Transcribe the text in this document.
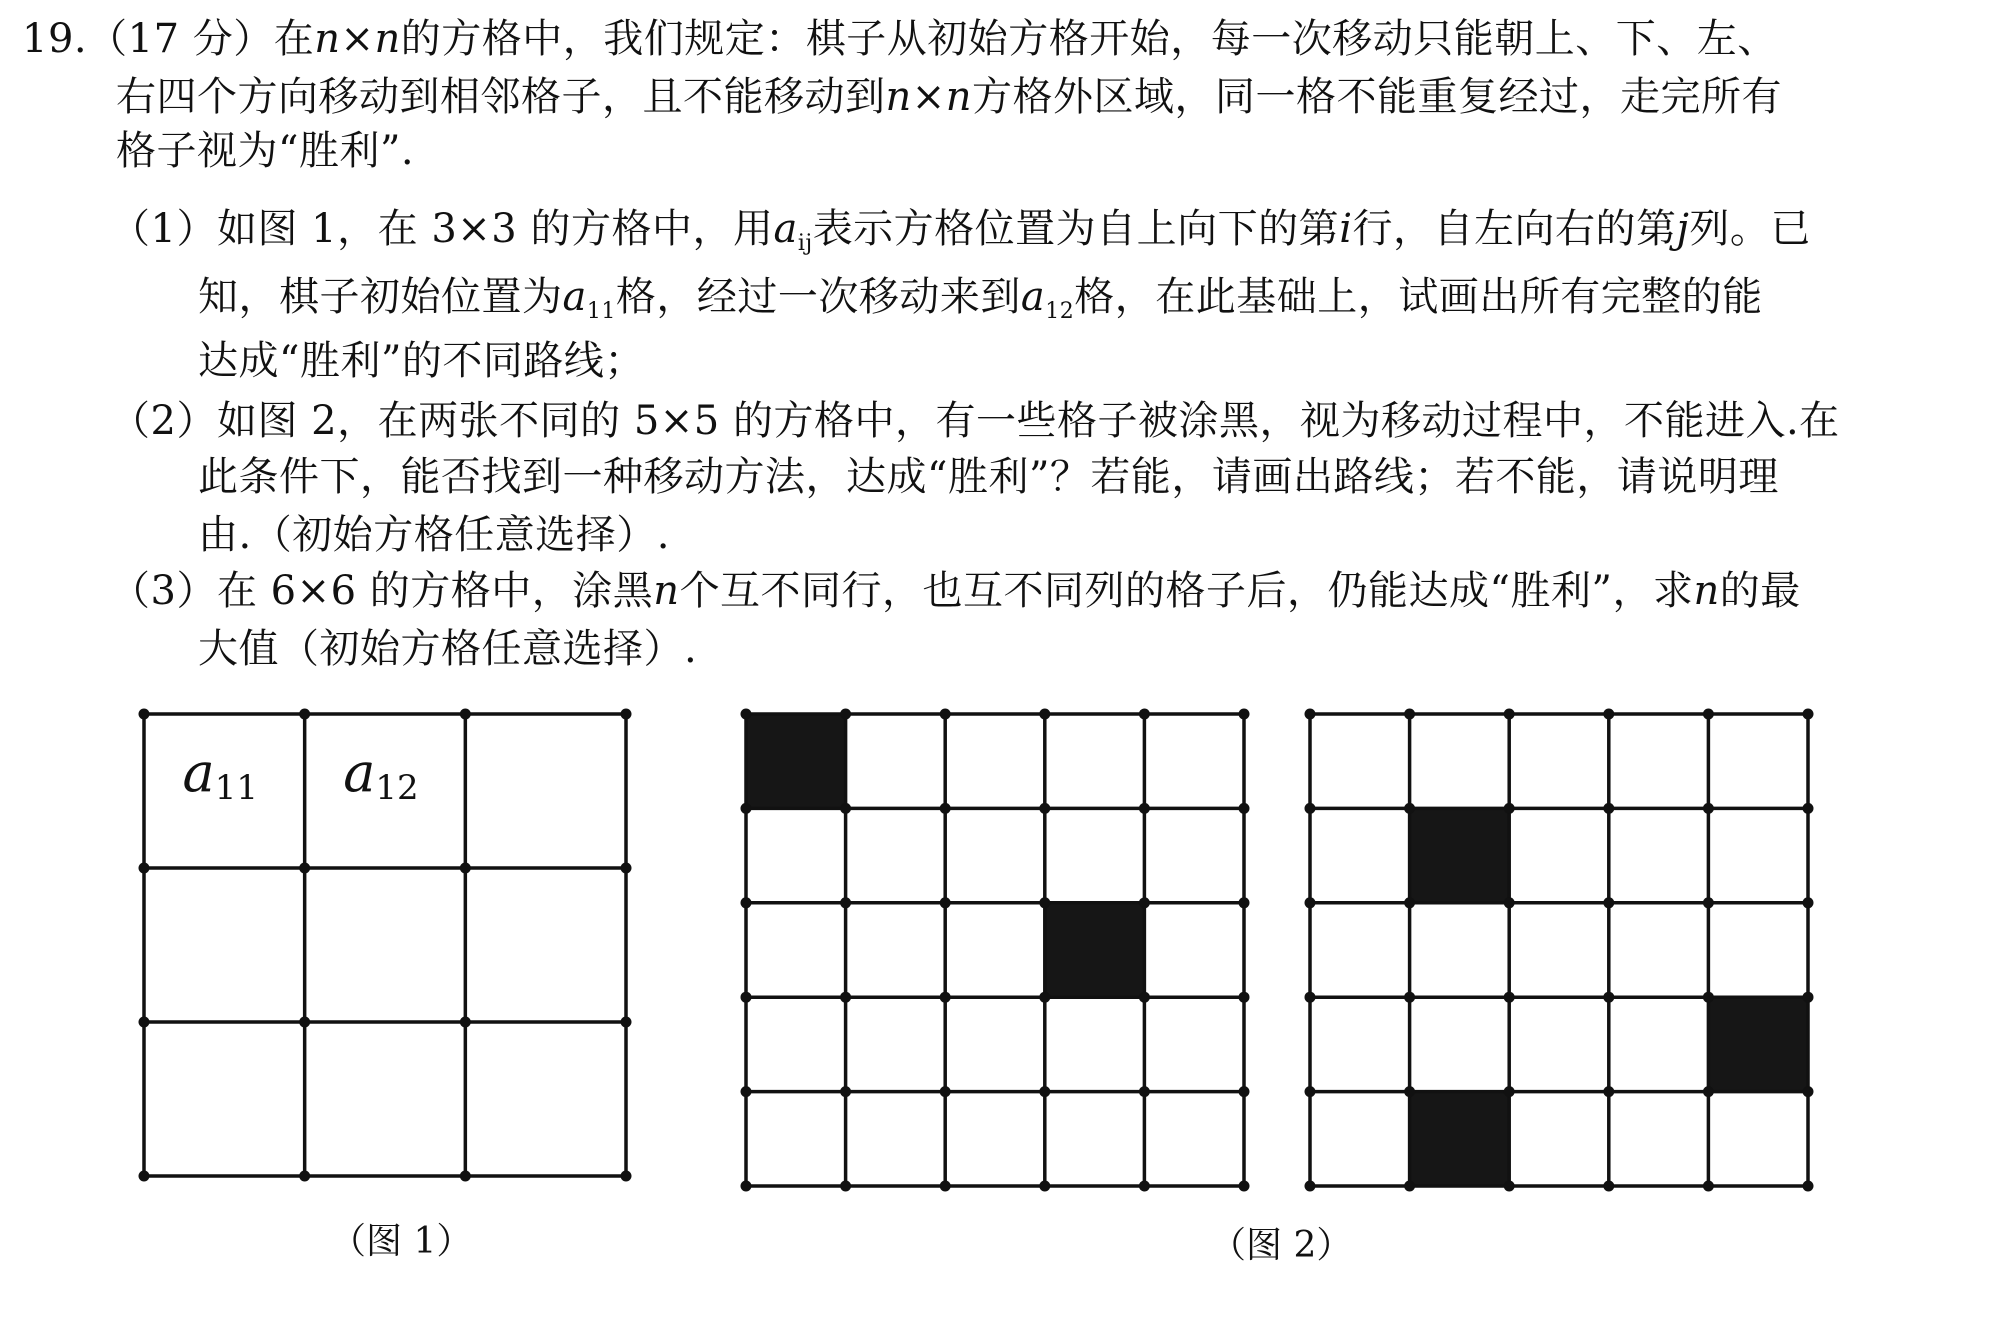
19.（17 分）在n×n的方格中，我们规定：棋子从初始方格开始，每一次移动只能朝上、下、左、
右四个方向移动到相邻格子，且不能移动到n×n方格外区域，同一格不能重复经过，走完所有
格子视为“胜利”.
（1）如图 1，在 3×3 的方格中，用$a_{ij}$表示方格位置为自上向下的第i行，自左向右的第j列。已
知，棋子初始位置为$a_{11}$格，经过一次移动来到$a_{12}$格，在此基础上，试画出所有完整的能
达成“胜利”的不同路线；
（2）如图 2，在两张不同的 5×5 的方格中，有一些格子被涂黑，视为移动过程中，不能进入.在
此条件下，能否找到一种移动方法，达成“胜利”？若能，请画出路线；若不能，请说明理
由.（初始方格任意选择）.
（3）在 6×6 的方格中，涂黑n个互不同行，也互不同列的格子后，仍能达成“胜利”，求n的最
大值（初始方格任意选择）.
a11 a12
（图 1）	（图 2）
